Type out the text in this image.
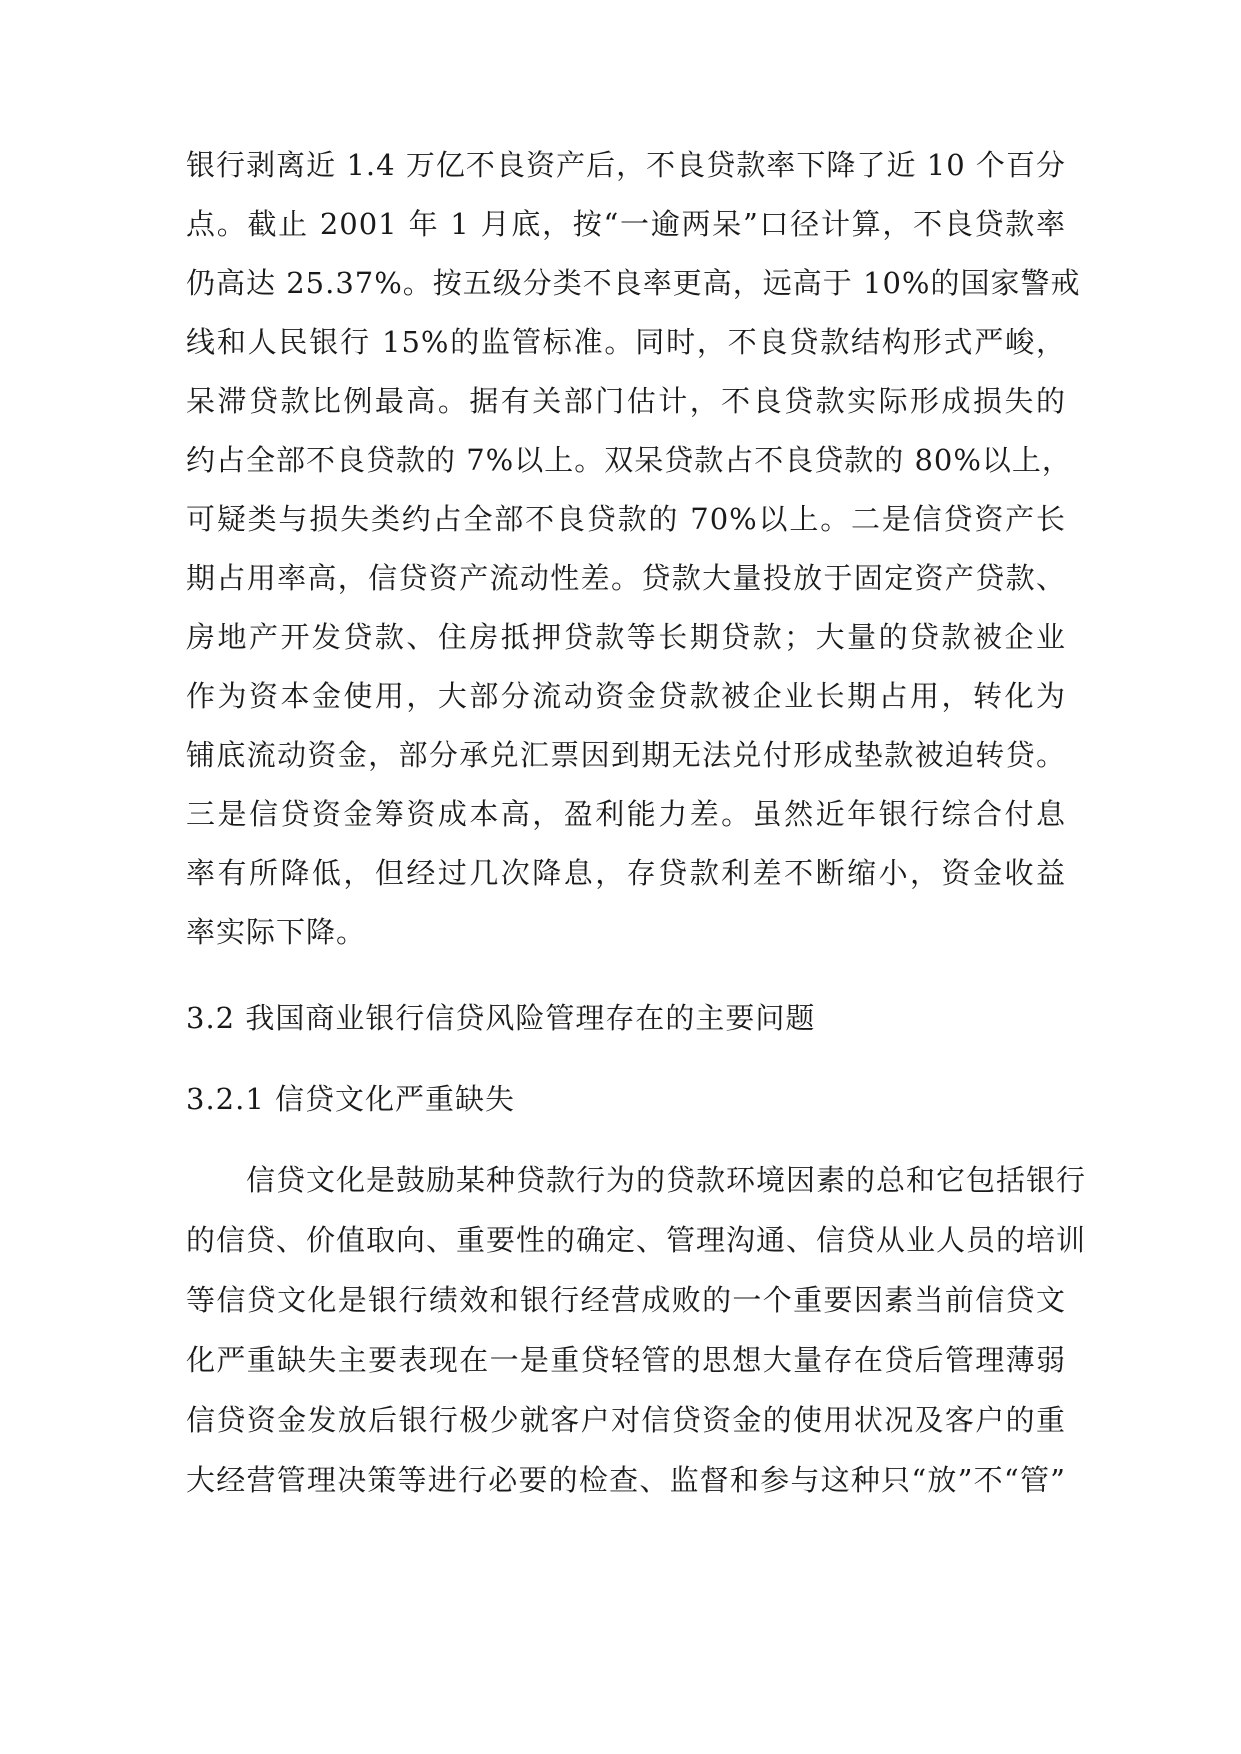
银行剥离近 1.4 万亿不良资产后，不良贷款率下降了近 10 个百分
点。截止 2001 年 1 月底，按“一逾两呆”口径计算，不良贷款率
仍高达 25.37%。按五级分类不良率更高，远高于 10%的国家警戒
线和人民银行 15%的监管标准。同时，不良贷款结构形式严峻，
呆滞贷款比例最高。据有关部门估计，不良贷款实际形成损失的
约占全部不良贷款的 7%以上。双呆贷款占不良贷款的 80%以上，
可疑类与损失类约占全部不良贷款的 70%以上。二是信贷资产长
期占用率高，信贷资产流动性差。贷款大量投放于固定资产贷款、
房地产开发贷款、住房抵押贷款等长期贷款；大量的贷款被企业
作为资本金使用，大部分流动资金贷款被企业长期占用，转化为
铺底流动资金，部分承兑汇票因到期无法兑付形成垫款被迫转贷。
三是信贷资金筹资成本高，盈利能力差。虽然近年银行综合付息
率有所降低，但经过几次降息，存贷款利差不断缩小，资金收益
率实际下降。
3.2 我国商业银行信贷风险管理存在的主要问题
3.2.1 信贷文化严重缺失
信贷文化是鼓励某种贷款行为的贷款环境因素的总和它包括银行
的信贷、价值取向、重要性的确定、管理沟通、信贷从业人员的培训
等信贷文化是银行绩效和银行经营成败的一个重要因素当前信贷文
化严重缺失主要表现在一是重贷轻管的思想大量存在贷后管理薄弱
信贷资金发放后银行极少就客户对信贷资金的使用状况及客户的重
大经营管理决策等进行必要的检查、监督和参与这种只“放”不“管”
